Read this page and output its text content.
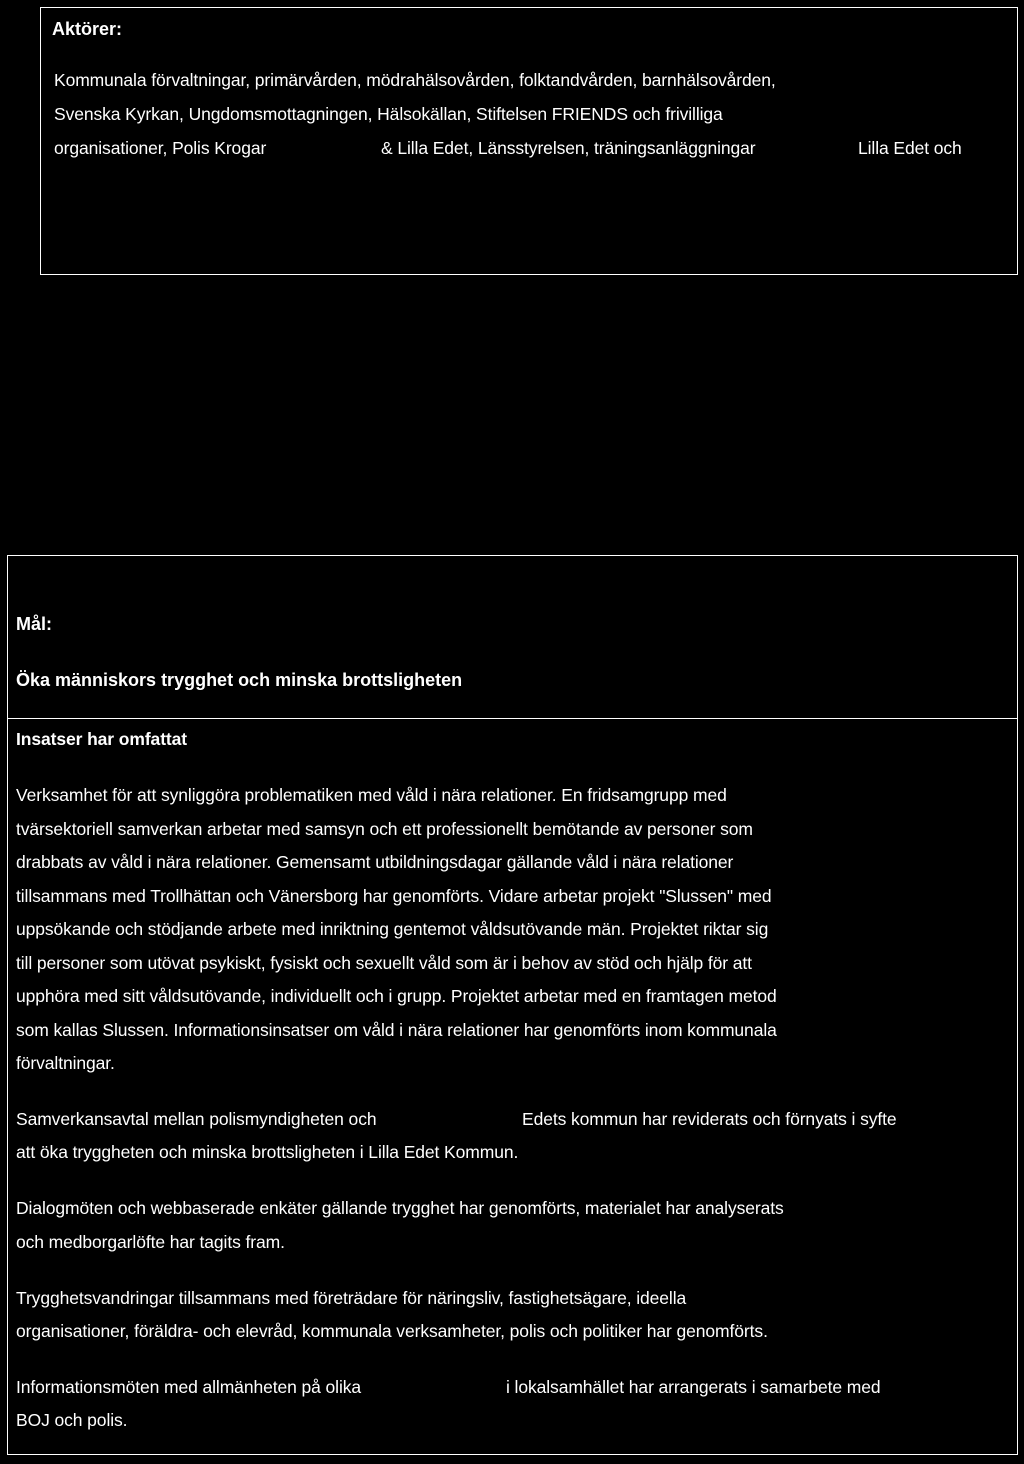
Aktörer:
Kommunala förvaltningar, primärvården, mödrahälsovården, folktandvården, barnhälsovården,
Svenska Kyrkan, Ungdomsmottagningen, Hälsokällan, Stiftelsen FRIENDS och frivilliga
organisationer, Polis Krogar	& Lilla Edet, Länsstyrelsen, träningsanläggningar	Lilla Edet och
Mål:
Öka människors trygghet och minska brottsligheten
Insatser har omfattat
Verksamhet för att synliggöra problematiken med våld i nära relationer. En fridsamgrupp med
tvärsektoriell samverkan arbetar med samsyn och ett professionellt bemötande av personer som
drabbats av våld i nära relationer. Gemensamt utbildningsdagar gällande våld i nära relationer
tillsammans med Trollhättan och Vänersborg har genomförts. Vidare arbetar projekt "Slussen" med
uppsökande och stödjande arbete med inriktning gentemot våldsutövande män. Projektet riktar sig
till personer som utövat psykiskt, fysiskt och sexuellt våld som är i behov av stöd och hjälp för att
upphöra med sitt våldsutövande, individuellt och i grupp. Projektet arbetar med en framtagen metod
som kallas Slussen. Informationsinsatser om våld i nära relationer har genomförts inom kommunala
förvaltningar.
Samverkansavtal mellan polismyndigheten och	Edets kommun har reviderats och förnyats i syfte
att öka tryggheten och minska brottsligheten i Lilla Edet Kommun.
Dialogmöten och webbaserade enkäter gällande trygghet har genomförts, materialet har analyserats
och medborgarlöfte har tagits fram.
Trygghetsvandringar tillsammans med företrädare för näringsliv, fastighetsägare, ideella
organisationer, föräldra- och elevråd, kommunala verksamheter, polis och politiker har genomförts.
Informationsmöten med allmänheten på olika	i lokalsamhället har arrangerats i samarbete med
BOJ och polis.
